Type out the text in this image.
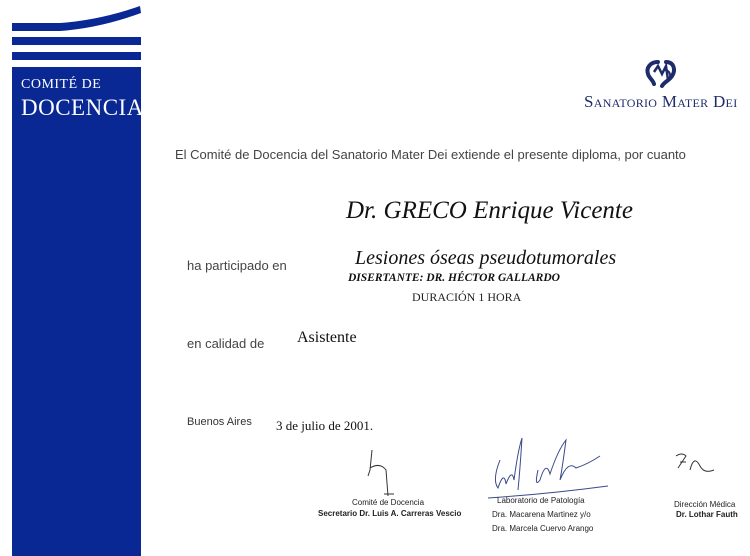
COMITÉ DE
DOCENCIA	Sanatorio Mater Dei
El Comité de Docencia del Sanatorio Mater Dei extiende el presente diploma, por cuanto
Dr. GRECO Enrique Vicente
ha participado en	Lesiones óseas pseudotumorales
DISERTANTE: DR. HÉCTOR GALLARDO
DURACIÓN 1 HORA
en calidad de Asistente
Buenos Aires 3 de julio de 2001.
Comité de Docencia
Secretario Dr. Luis A. Carreras Vescio
Laboratorio de Patología
Dra. Macarena Martinez y/o
Dra. Marcela Cuervo Arango
Dirección Médica
Dr. Lothar Fauth
